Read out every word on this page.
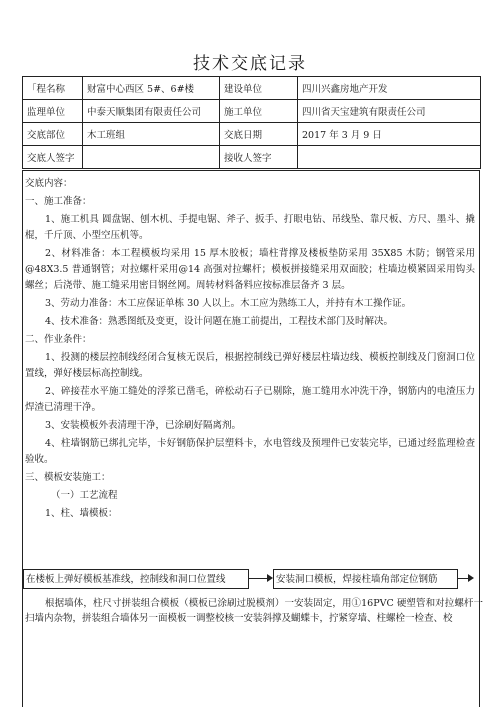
技术交底记录
「程名称	财富中心西区 5#、6#楼	建设单位	四川兴鑫房地产开发
监理单位	中泰天顺集团有限责任公司	施工单位	四川省天宝建筑有限责任公司
交底部位	木工班组	交底日期	2017 年 3 月 9 日
交底人签字		接收人签字	

交底内容：

一、施工准备：

1、施工机具 圆盘锯、刨木机、手提电锯、斧子、扳手、打眼电钻、吊线坠、靠尺板、方尺、墨斗、撬棍，千斤顶、小型空压机等。

2、材料准备：本工程模板均采用 15 厚木胶板；墙柱背撑及楼板垫防采用 35X85 木防；钢管采用@48X3.5 普通钢管；对拉螺杆采用@14 高强对拉螺杆；模板拼接缝采用双面胶；柱墙边模紧固采用钩头螺丝；后浇带、施工缝采用密目钢丝网。周转材料备料应按标准层备齐 3 层。

3、劳动力准备：木工应保证单栋 30 人以上。木工应为熟练工人，并持有木工操作证。

4、技术准备：熟悉图纸及变更，设计问题在施工前提出，工程技术部门及时解决。

二、作业条件：

1、投测的楼层控制线经闭合复核无误后，根据控制线已弹好楼层柱墙边线、模板控制线及门窗洞口位置线，弹好楼层标高控制线。

2、碎接茬水平施工缝处的浮浆已凿毛，碎松动石子已剔除，施工缝用水冲洗干净，钢筋内的电渣压力焊渣已清理干净。

3、安装模板外表清理干净，已涂刷好隔离剂。

4、柱墙钢筋已绑扎完毕，卡好钢筋保护层塑料卡，水电管线及预埋件已安装完毕，已通过经监理检查验收。

三、模板安装施工：

（一）工艺流程

1、柱、墙模板：

在楼板上弹好模板基准线，控制线和洞口位置线	安装洞口模板，焊接柱墙角部定位钢筋

根据墙体，柱尺寸拼装组合模板（模板已涂刷过脱模剂）一安装固定，用①16PVC 硬塑管和对拉螺杆一扫墙内杂物，拼装组合墙体另一面模板一调整校核一安装斜撑及蝴蝶卡，拧紧穿墙、柱螺栓一检查、校
